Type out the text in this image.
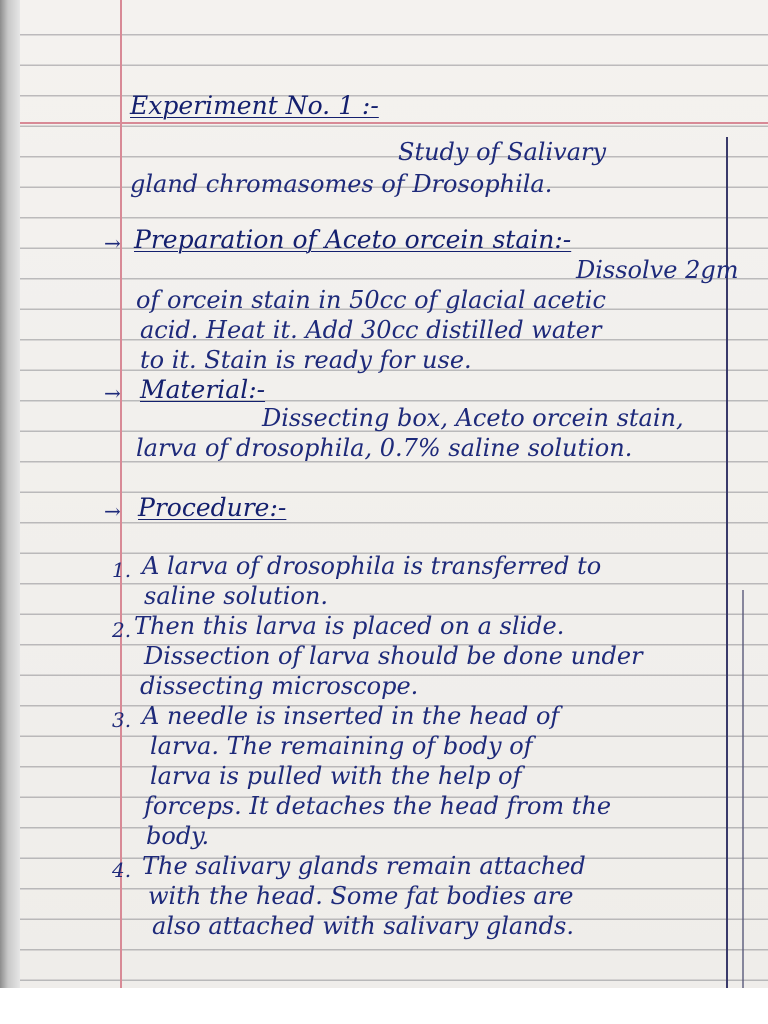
Experiment No. 1 :-
Study of Salivary
gland chromasomes of Drosophila.
→ Preparation of Aceto orcein stain:-
Dissolve 2gm
of orcein stain in 50cc of glacial acetic
acid. Heat it. Add 30cc distilled water
to it. Stain is ready for use.
→ Material:-
Dissecting box, Aceto orcein stain,
larva of drosophila, 0.7% saline solution.
→ Procedure:-
1. A larva of drosophila is transferred to
saline solution.
2. Then this larva is placed on a slide.
Dissection of larva should be done under
dissecting microscope.
3. A needle is inserted in the head of
larva. The remaining of body of
larva is pulled with the help of
forceps. It detaches the head from the
body.
4. The salivary glands remain attached
with the head. Some fat bodies are
also attached with salivary glands.
